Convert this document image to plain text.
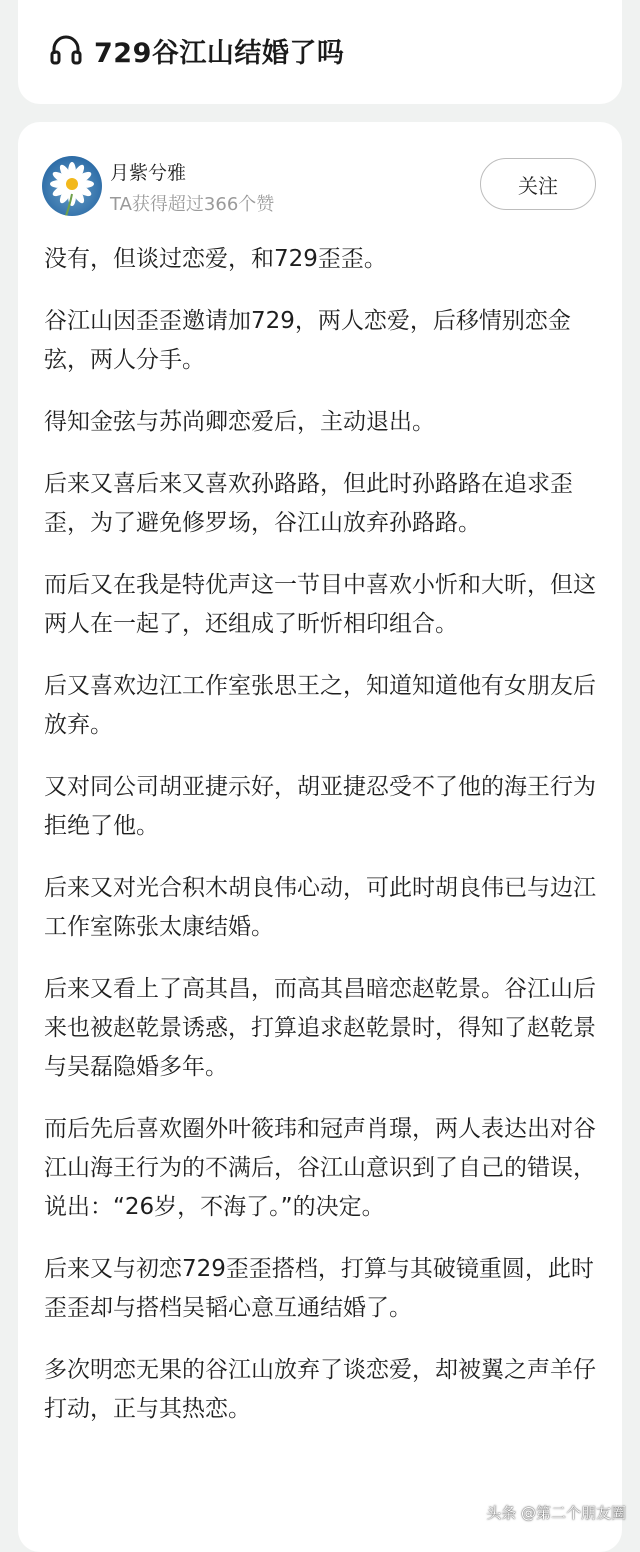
729谷江山结婚了吗
月紫兮雅
TA获得超过366个赞
关注

没有，但谈过恋爱，和729歪歪。

谷江山因歪歪邀请加729，两人恋爱，后移情别恋金弦，两人分手。

得知金弦与苏尚卿恋爱后，主动退出。

后来又喜后来又喜欢孙路路，但此时孙路路在追求歪歪，为了避免修罗场，谷江山放弃孙路路。

而后又在我是特优声这一节目中喜欢小忻和大昕，但这两人在一起了，还组成了昕忻相印组合。

后又喜欢边江工作室张思王之，知道知道他有女朋友后放弃。

又对同公司胡亚捷示好，胡亚捷忍受不了他的海王行为拒绝了他。

后来又对光合积木胡良伟心动，可此时胡良伟已与边江工作室陈张太康结婚。

后来又看上了高其昌，而高其昌暗恋赵乾景。谷江山后来也被赵乾景诱惑，打算追求赵乾景时，得知了赵乾景与吴磊隐婚多年。

而后先后喜欢圈外叶筱玮和冠声肖璟，两人表达出对谷江山海王行为的不满后，谷江山意识到了自己的错误，说出：“26岁，不海了。”的决定。

后来又与初恋729歪歪搭档，打算与其破镜重圆，此时歪歪却与搭档吴韬心意互通结婚了。

多次明恋无果的谷江山放弃了谈恋爱，却被翼之声羊仔打动，正与其热恋。

头条 @第二个朋友圈
